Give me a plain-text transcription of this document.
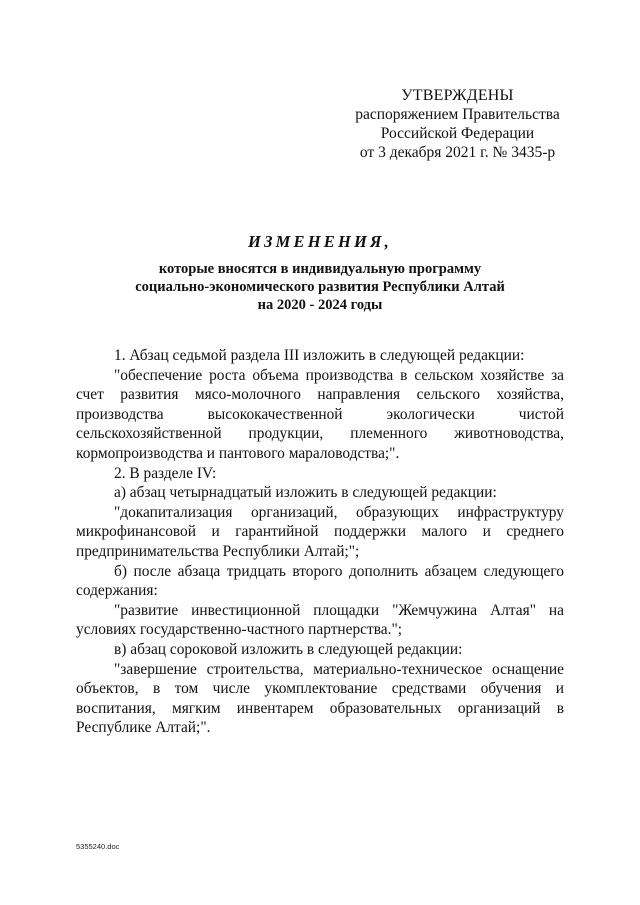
УТВЕРЖДЕНЫ
распоряжением Правительства
Российской Федерации
от 3 декабря 2021 г. № 3435-р
ИЗМЕНЕНИЯ,
которые вносятся в индивидуальную программу
социально-экономического развития Республики Алтай
на 2020 - 2024 годы

1. Абзац седьмой раздела III изложить в следующей редакции:

"обеспечение роста объема производства в сельском хозяйстве за счет развития мясо-молочного направления сельского хозяйства, производства высококачественной экологически чистой сельскохозяйственной продукции, племенного животноводства, кормопроизводства и пантового мараловодства;".

2. В разделе IV:

а) абзац четырнадцатый изложить в следующей редакции:

"докапитализация организаций, образующих инфраструктуру микрофинансовой и гарантийной поддержки малого и среднего предпринимательства Республики Алтай;";

б) после абзаца тридцать второго дополнить абзацем следующего содержания:

"развитие инвестиционной площадки "Жемчужина Алтая" на условиях государственно-частного партнерства.";

в) абзац сороковой изложить в следующей редакции:

"завершение строительства, материально-техническое оснащение объектов, в том числе укомплектование средствами обучения и воспитания, мягким инвентарем образовательных организаций в Республике Алтай;".

5355240.doc
